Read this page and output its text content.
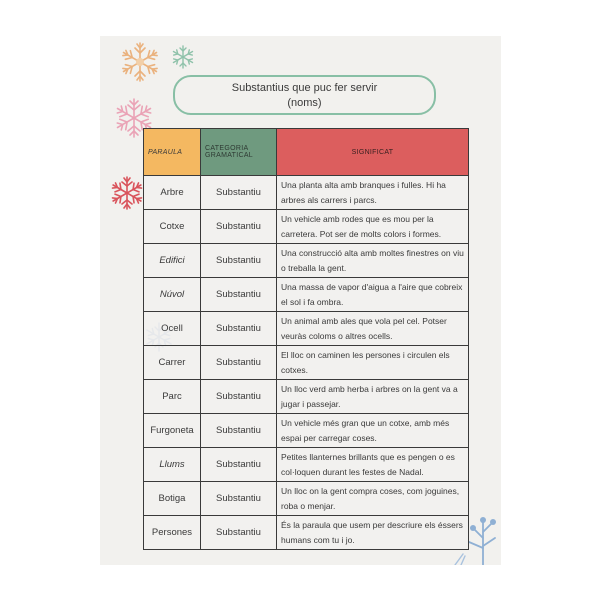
Substantius que puc fer servir
(noms)
PARAULA	CATEGORIA GRAMATICAL	SIGNIFICAT
Arbre	Substantiu	Una planta alta amb branques i fulles. Hi ha arbres als carrers i parcs.
Cotxe	Substantiu	Un vehicle amb rodes que es mou per la carretera. Pot ser de molts colors i formes.
Edifici	Substantiu	Una construcció alta amb moltes finestres on viu o treballa la gent.
Núvol	Substantiu	Una massa de vapor d'aigua a l'aire que cobreix el sol i fa ombra.
Ocell	Substantiu	Un animal amb ales que vola pel cel. Potser veuràs coloms o altres ocells.
Carrer	Substantiu	El lloc on caminen les persones i circulen els cotxes.
Parc	Substantiu	Un lloc verd amb herba i arbres on la gent va a jugar i passejar.
Furgoneta	Substantiu	Un vehicle més gran que un cotxe, amb més espai per carregar coses.
Llums	Substantiu	Petites llanternes brillants que es pengen o es col·loquen durant les festes de Nadal.
Botiga	Substantiu	Un lloc on la gent compra coses, com joguines, roba o menjar.
Persones	Substantiu	És la paraula que usem per descriure els éssers humans com tu i jo.
